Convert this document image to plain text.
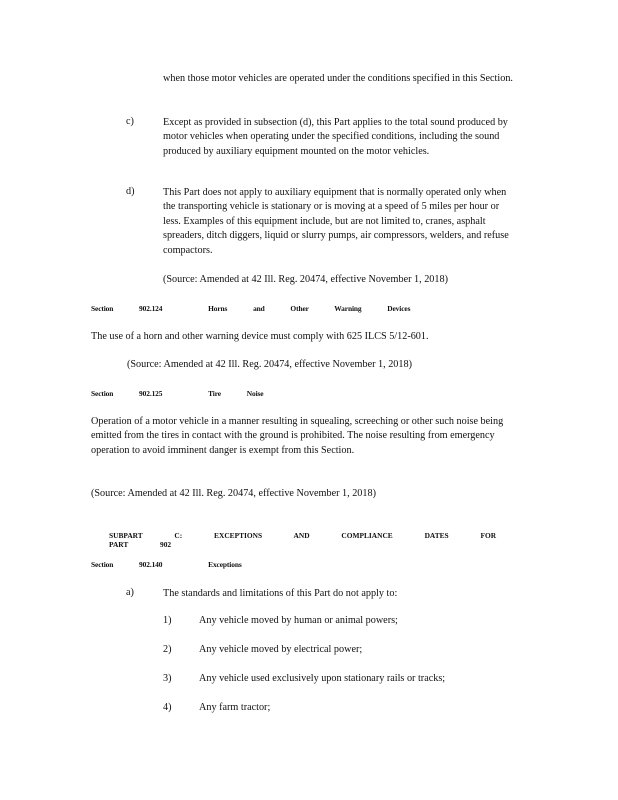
when those motor vehicles are operated under the conditions specified in this Section.
c)	Except as provided in subsection (d), this Part applies to the total sound produced by motor vehicles when operating under the specified conditions, including the sound produced by auxiliary equipment mounted on the motor vehicles.
d)	This Part does not apply to auxiliary equipment that is normally operated only when the transporting vehicle is stationary or is moving at a speed of 5 miles per hour or less. Examples of this equipment include, but are not limited to, cranes, asphalt spreaders, ditch diggers, liquid or slurry pumps, air compressors, welders, and refuse compactors.
(Source: Amended at 42 Ill. Reg. 20474, effective November 1, 2018)
Section 902.124	Horns and Other Warning Devices
The use of a horn and other warning device must comply with 625 ILCS 5/12-601.
(Source: Amended at 42 Ill. Reg. 20474, effective November 1, 2018)
Section 902.125	Tire Noise
Operation of a motor vehicle in a manner resulting in squealing, screeching or other such noise being emitted from the tires in contact with the ground is prohibited. The noise resulting from emergency operation to avoid imminent danger is exempt from this Section.
(Source: Amended at 42 Ill. Reg. 20474, effective November 1, 2018)
SUBPART C: EXCEPTIONS AND COMPLIANCE DATES FOR PART 902
Section 902.140	Exceptions
a)	The standards and limitations of this Part do not apply to:
1)	Any vehicle moved by human or animal powers;
2)	Any vehicle moved by electrical power;
3)	Any vehicle used exclusively upon stationary rails or tracks;
4)	Any farm tractor;
